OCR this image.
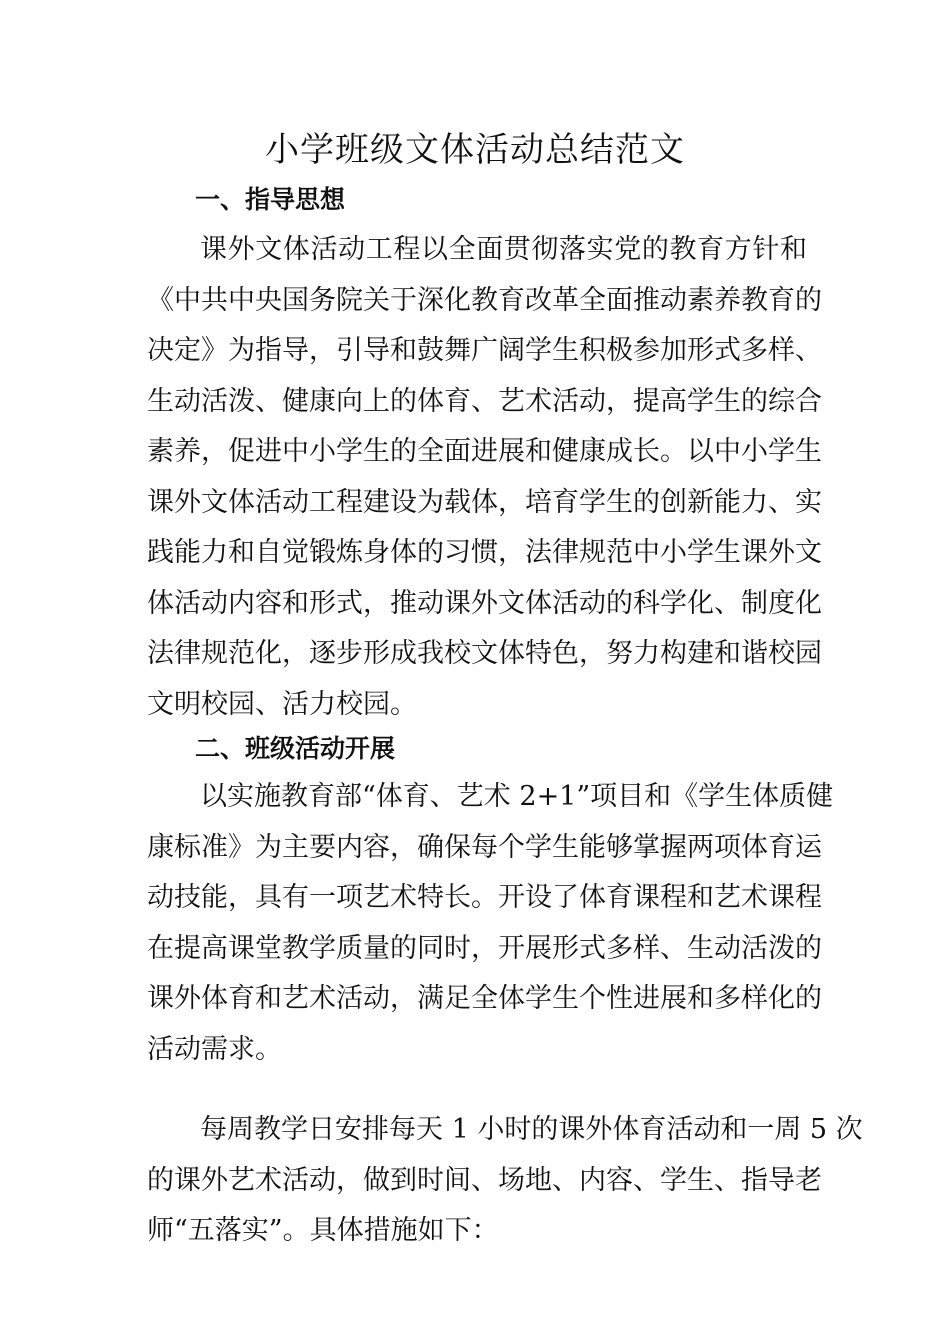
小学班级文体活动总结范文
一、指导思想
课外文体活动工程以全面贯彻落实党的教育方针和
《中共中央国务院关于深化教育改革全面推动素养教育的
决定》为指导，引导和鼓舞广阔学生积极参加形式多样、
生动活泼、健康向上的体育、艺术活动，提高学生的综合
素养，促进中小学生的全面进展和健康成长。以中小学生
课外文体活动工程建设为载体，培育学生的创新能力、实
践能力和自觉锻炼身体的习惯，法律规范中小学生课外文
体活动内容和形式，推动课外文体活动的科学化、制度化
法律规范化，逐步形成我校文体特色，努力构建和谐校园
文明校园、活力校园。
二、班级活动开展
以实施教育部“体育、艺术 2+1”项目和《学生体质健
康标准》为主要内容，确保每个学生能够掌握两项体育运
动技能，具有一项艺术特长。开设了体育课程和艺术课程
在提高课堂教学质量的同时，开展形式多样、生动活泼的
课外体育和艺术活动，满足全体学生个性进展和多样化的
活动需求。
每周教学日安排每天 1 小时的课外体育活动和一周 5 次
的课外艺术活动，做到时间、场地、内容、学生、指导老
师“五落实”。具体措施如下：
